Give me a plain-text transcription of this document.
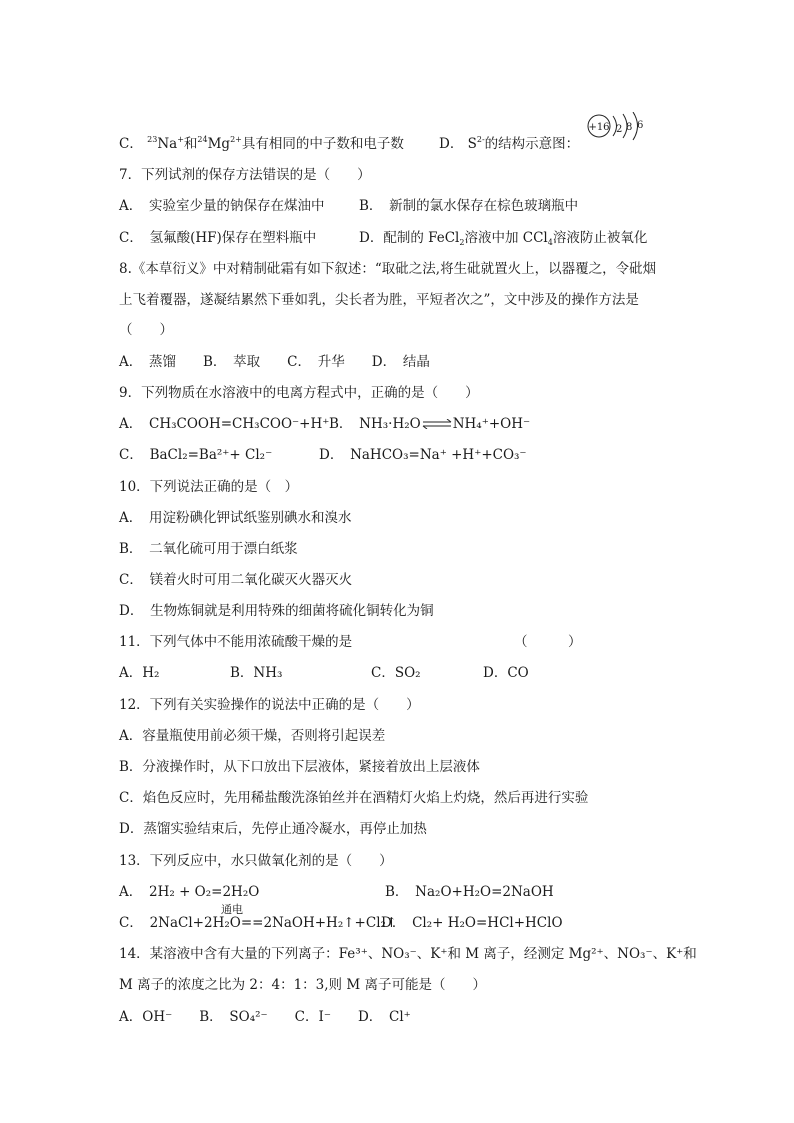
C． $^{23}$Na+和$^{24}Mg^{2+}$具有相同的中子数和电子数	D． $S^{2-}$的结构示意图：
+16 2 8 6
7．下列试剂的保存方法错误的是（　　）
A．　实验室少量的钠保存在煤油中	B．　新制的氯水保存在棕色玻璃瓶中
C．　氢氟酸(HF)保存在塑料瓶中	D．配制的 FeCl$_2$溶液中加 CCl$_4$溶液防止被氧化
8.《本草衍义》中对精制砒霜有如下叙述：“取砒之法,将生砒就置火上，以器覆之，令砒烟
上飞着覆器，遂凝结累然下垂如乳，尖长者为胜，平短者次之”，文中涉及的操作方法是
（　　）
A．　蒸馏　　B．　萃取　　C．　升华　　D．　结晶
9．下列物质在水溶液中的电离方程式中，正确的是（　　）
A．　CH₃COOH=CH₃COO⁻+H⁺ B．　NH₃·H₂O⇌NH₄⁺+OH⁻
C．　BaCl₂=Ba²⁺+ Cl₂⁻	D．　NaHCO₃=Na⁺ +H⁺+CO₃⁻
10．下列说法正确的是（　）
A．　用淀粉碘化钾试纸鉴别碘水和溴水
B．　二氧化硫可用于漂白纸浆
C．　镁着火时可用二氧化碳灭火器灭火
D．　生物炼铜就是利用特殊的细菌将硫化铜转化为铜
11．下列气体中不能用浓硫酸干燥的是	（　　　）
A．H₂	B．NH₃	C．SO₂	D．CO
12．下列有关实验操作的说法中正确的是（　　）
A．容量瓶使用前必须干燥，否则将引起误差
B．分液操作时，从下口放出下层液体，紧接着放出上层液体
C．焰色反应时，先用稀盐酸洗涤铂丝并在酒精灯火焰上灼烧，然后再进行实验
D．蒸馏实验结束后，先停止通冷凝水，再停止加热
13．下列反应中，水只做氧化剂的是（　　）
A．　2H₂ + O₂=2H₂O	B．　Na₂O+H₂O=2NaOH
通电
C．　2NaCl+2H₂O==2NaOH+H₂↑+Cl₂↑
D．　Cl₂+ H₂O=HCl+HClO
14．某溶液中含有大量的下列离子：Fe³⁺、NO₃⁻、K⁺和 M 离子，经测定 Mg²⁺、NO₃⁻、K⁺和
M 离子的浓度之比为 2：4：1：3,则 M 离子可能是（　　）
A．OH⁻　　B．　SO₄²⁻　　C．I⁻　　D．　Cl⁺
